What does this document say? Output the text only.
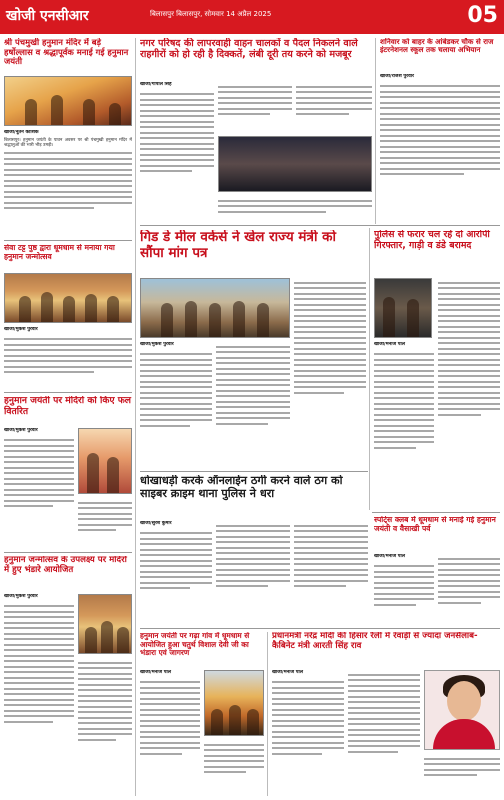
खोजी एनसीआर	बिलासपुर बिलासपुर, सोमवार 14 अप्रैल 2025	05
श्री पंचमुखी हनुमान मंदिर में बड़े हर्षोल्लास व श्रद्धापूर्वक मनाई गई हनुमान जयंती
खोजी/नूतन कौशिक

बिलासपुर। हनुमान जयंती के पावन अवसर पर श्री पंचमुखी हनुमान मंदिर में श्रद्धालुओं की भारी भीड़ उमड़ी।

सेवा टट्ट पुष्ठ द्वारा धूमधाम से मनाया गया हनुमान जन्मोत्सव
खोजी/मुकेश पुरवार
हनुमान जयंती पर मंदिरों को किए फल वितरित
खोजी/मुकेश पुरवार
हनुमान जन्मोत्सव के उपलक्ष्य पर मंदिरों में हुए भंडारे आयोजित
खोजी/मुकेश पुरवार
नगर परिषद की लापरवाही वाहन चालकों व पैदल निकलने वाले राहगीरों को हो रही है दिक्कतें, लंबी दूरी तय करने को मजबूर
खोजी/गोपाल सिंह
शनिवार को बाहर के आंबेडकर चौक से राज इंटरनेशनल स्कूल तक चलाया अभियान
खोजी/राजेश पुरवार
गिड डे मील वर्कर्स ने खेल राज्य मंत्री को सौंपा मांग पत्र
खोजी/मुकेश पुरवार
पुलिस से फरार चल रहे दो आरोपी गिरफ्तार, गाड़ी व डंडे बरामद
खोजी/मनोज पाल
धोखाधड़ी करके ऑनलाईन ठगी करने वाले ठग को साइबर क्राइम थाना पुलिस ने धरा
खोजी/सुरेश कुमार	स्पोर्ट्स क्लब में धूमधाम से मनाई गई हनुमान जयंती व वैसाखी पर्व
खोजी/मनोज पाल
हनुमान जयंती पर गढ़ा गांव में धूमधाम से आयोजित हुआ चतुर्थ विशाल देवी जी का भंडारा एवं जागरण
खोजी/मनोज पाल
प्रधानमंत्री नरेंद्र मोदी की हिसार रैली में रेवाड़ी से ज्यादा जनसैलाब-कैबिनेट मंत्री आरती सिंह राव
खोजी/मनोज पाल
